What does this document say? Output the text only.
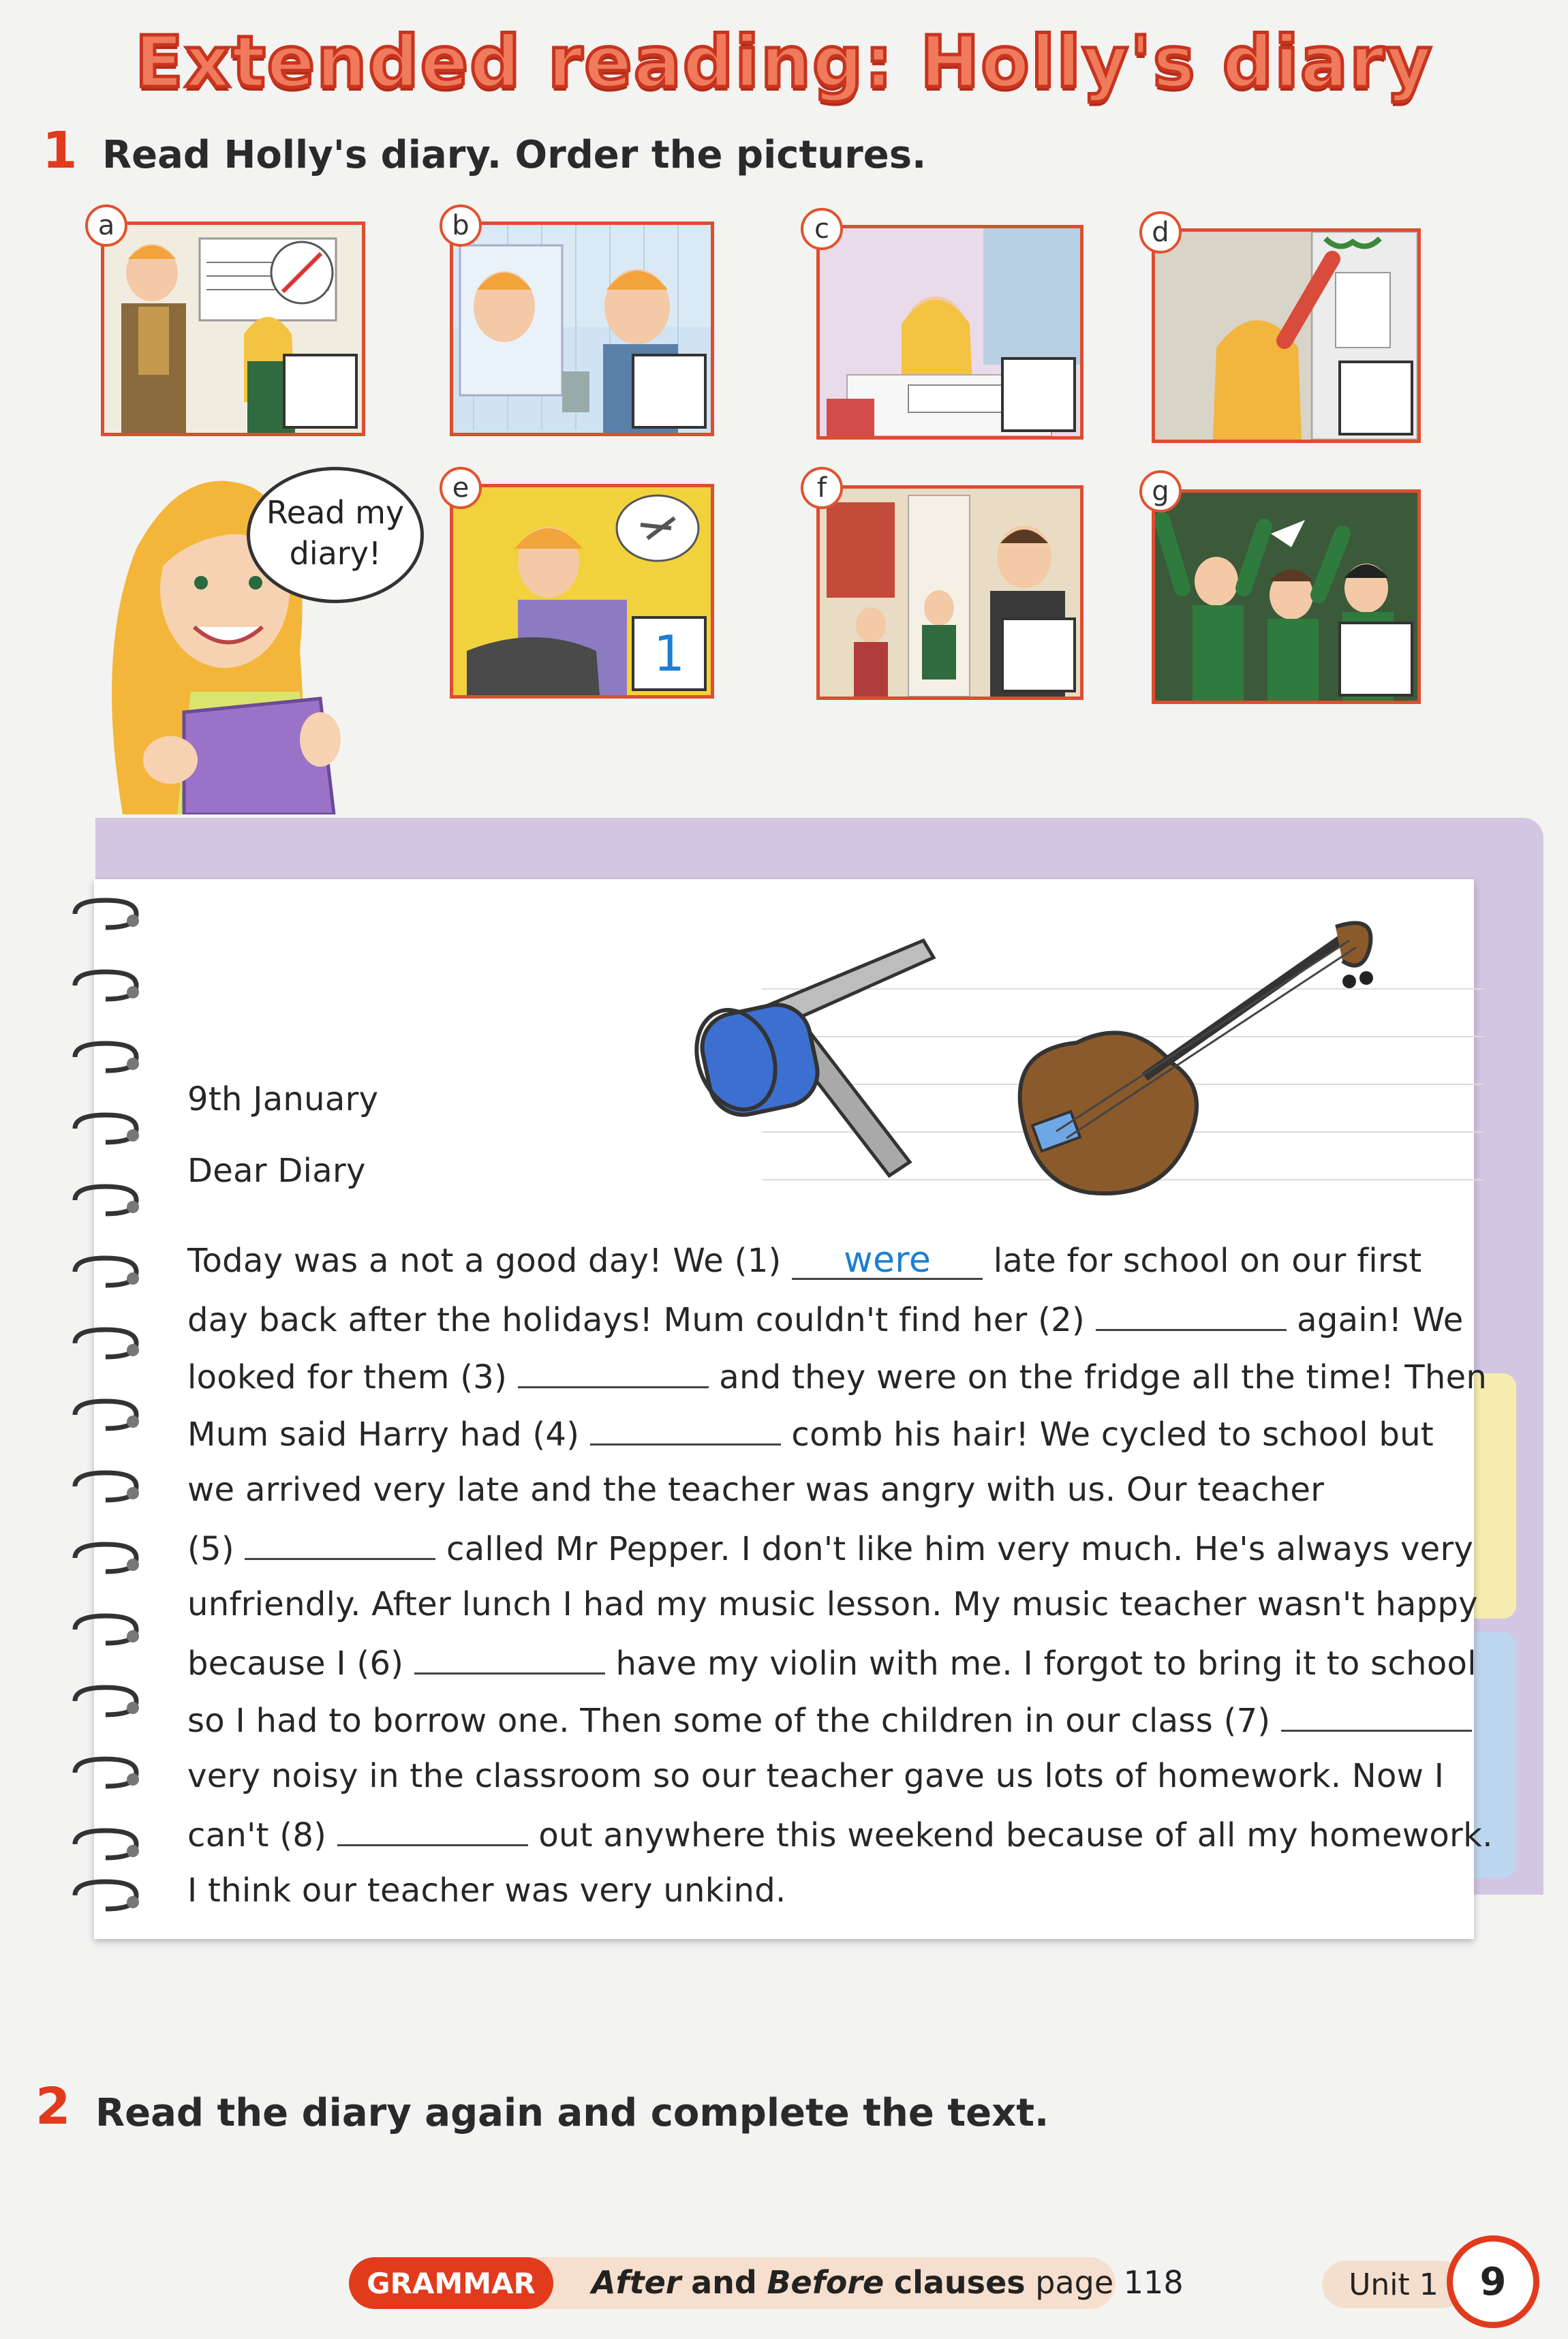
Extended reading: Holly's diary
1 Read Holly's diary. Order the pictures.
a	b	c	d
Read my
diary!
1
e	f	g
9th January
Dear Diary
Today was a not a good day! We (1) were late for school on our first
day back after the holidays! Mum couldn't find her (2)	again! We
looked for them (3)	and they were on the fridge all the time! Then
Mum said Harry had (4)	comb his hair! We cycled to school but
we arrived very late and the teacher was angry with us. Our teacher
(5)	called Mr Pepper. I don't like him very much. He's always very
unfriendly. After lunch I had my music lesson. My music teacher wasn't happy
because I (6)	have my violin with me. I forgot to bring it to school
so I had to borrow one. Then some of the children in our class (7)
very noisy in the classroom so our teacher gave us lots of homework. Now I
can't (8)	out anywhere this weekend because of all my homework.
I think our teacher was very unkind.
2 Read the diary again and complete the text.
GRAMMAR	After and Before clauses page 118	Unit 1	9
